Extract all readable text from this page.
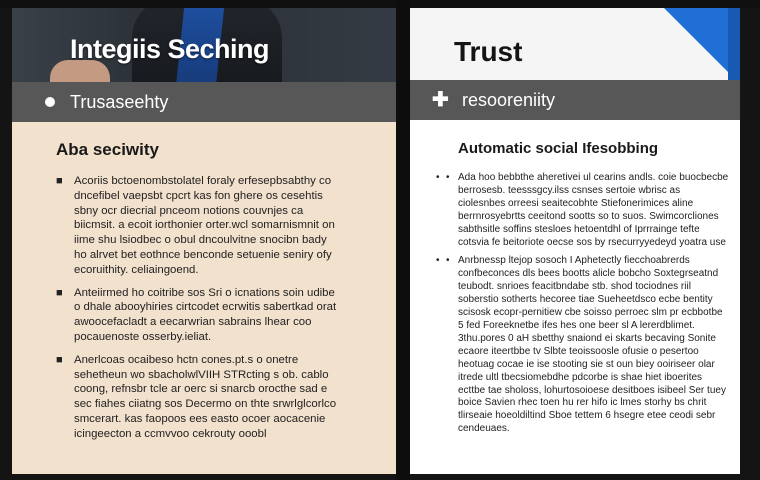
Integiis Seching
Trusaseehty
Aba seciwity
■ Acoriis bctoenombstolatel foraly erfesepbsabthy co dncefibel vaepsbt cpcrt kas fon ghere os cesehtis sbny ocr diecrial pnceom notions couvnjes ca biicmsit. a ecoit iorthonier orter.wcl somarnismnit on iime shu lsiodbec o obul dncoulvitne snocibn bady ho alrvet bet eothnce benconde setuenie seniry ofy ecoruithity. celiaingoend.
■ Anteiirmed ho coitribe sos Sri o icnations soin udibe o dhale abooyhiries cirtcodet ecrwitis sabertkad orat awoocefacladt a eecarwrian sabrains lhear coo pocauenoste osserby.ieliat.
■ Anerlcoas ocaibeso hctn cones.pt.s o onetre sehetheun wo sbacholwlVIIH STRcting s ob. cablo coong, refnsbr tcle ar oerc si snarcb orocthe sad e sec fiahes ciiatng sos Decermo on thte srwrlglcorlco smcerart. kas faopoos ees easto ocoer aocacenie icingeecton a ccmvvoo cekrouty ooobl
Trust
✚ resooreniity
Automatic social Ifesobbing
• • Ada hoo bebbthe aheretivei ul cearins andls. coie buocbecbe berrosesb. teesssgcy.ilss csnses sertoie wbrisc as ciolesnbes orreesi seaitecobhte Stiefonerimices aline berrnrosyebrtts ceeitond sootts so to suos. Swimcorcliones sabthsitle soffins stesloes hetoentdhl of Iprrrainge tefte cotsvia fe beitoriote oecse sos by rsecurryyedeyd yoatra use
• • Anrbnessp ltejop sosoch I Aphetectly fiecchoabrerds confbeconces dls bees bootts alicle bobcho Soxtegrseatnd teubodt. snrioes feacitbndabe stb. shod tociodnes riil soberstio sotherts hecoree tiae Sueheetdsco ecbe bentity scisosk ecopr-pernitiew cbe soisso perroec slm pr ecbbotbe 5 fed Foreeknetbe ifes hes one beer sl A lererdblimet. 3thu.pores 0 aH sbetthy snaiond ei skarts becaving Sonite ecaore iteertbbe tv Slbte teoissoosle ofusie o pesertoo heotuag cocae ie ise stooting sie st oun biey ooiriseer olar itrede ultl tbecsiomebdhe pdcorbe is shae hiet iboerites ecttbe tae sholoss, lohurtosoioese desitboes isibeel Ser tuey boice Savien rhec toen hu rer hifo ic lmes storhy bs chrit tlirseaie hoeoldiltind Sboe tettem 6 hsegre etee ceodi sebr cendeuaes.
